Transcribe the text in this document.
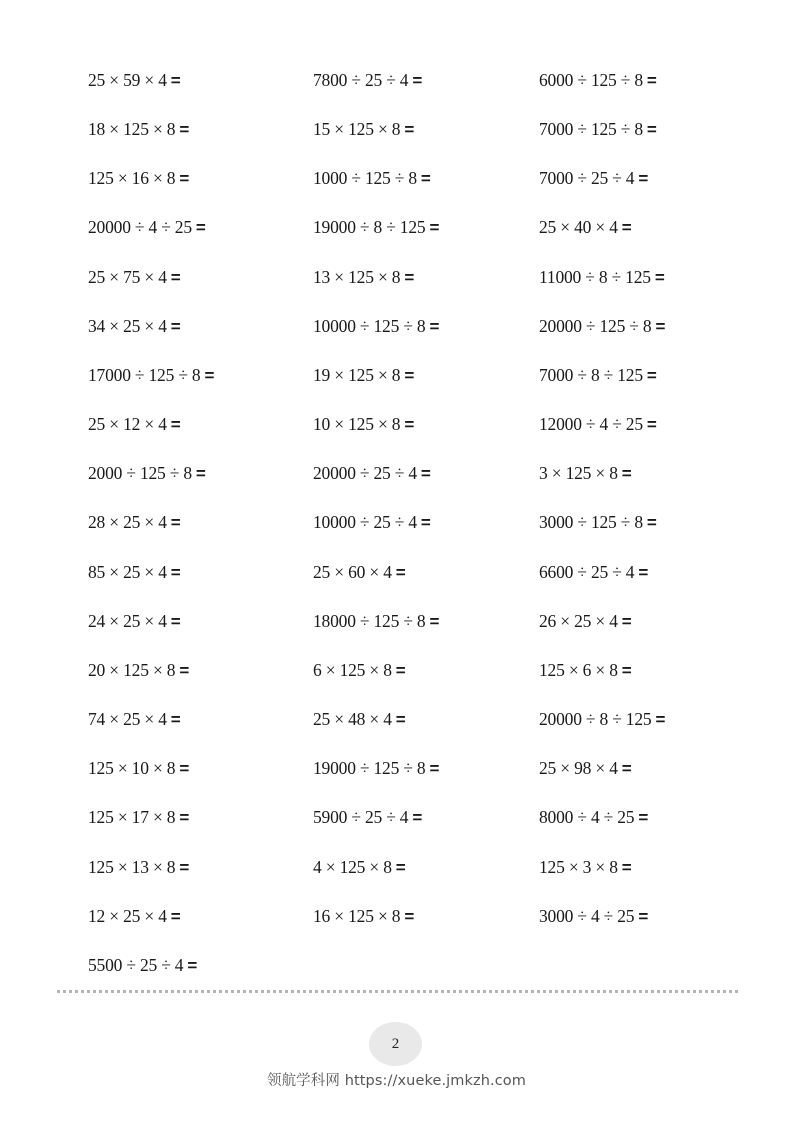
25 × 59 × 4 =
18 × 125 × 8 =
125 × 16 × 8 =
20000 ÷ 4 ÷ 25 =
25 × 75 × 4 =
34 × 25 × 4 =
17000 ÷ 125 ÷ 8 =
25 × 12 × 4 =
2000 ÷ 125 ÷ 8 =
28 × 25 × 4 =
85 × 25 × 4 =
24 × 25 × 4 =
20 × 125 × 8 =
74 × 25 × 4 =
125 × 10 × 8 =
125 × 17 × 8 =
125 × 13 × 8 =
12 × 25 × 4 =
5500 ÷ 25 ÷ 4 =
7800 ÷ 25 ÷ 4 =
15 × 125 × 8 =
1000 ÷ 125 ÷ 8 =
19000 ÷ 8 ÷ 125 =
13 × 125 × 8 =
10000 ÷ 125 ÷ 8 =
19 × 125 × 8 =
10 × 125 × 8 =
20000 ÷ 25 ÷ 4 =
10000 ÷ 25 ÷ 4 =
25 × 60 × 4 =
18000 ÷ 125 ÷ 8 =
6 × 125 × 8 =
25 × 48 × 4 =
19000 ÷ 125 ÷ 8 =
5900 ÷ 25 ÷ 4 =
4 × 125 × 8 =
16 × 125 × 8 =
6000 ÷ 125 ÷ 8 =
7000 ÷ 125 ÷ 8 =
7000 ÷ 25 ÷ 4 =
25 × 40 × 4 =
11000 ÷ 8 ÷ 125 =
20000 ÷ 125 ÷ 8 =
7000 ÷ 8 ÷ 125 =
12000 ÷ 4 ÷ 25 =
3 × 125 × 8 =
3000 ÷ 125 ÷ 8 =
6600 ÷ 25 ÷ 4 =
26 × 25 × 4 =
125 × 6 × 8 =
20000 ÷ 8 ÷ 125 =
25 × 98 × 4 =
8000 ÷ 4 ÷ 25 =
125 × 3 × 8 =
3000 ÷ 4 ÷ 25 =
2
领航学科网 https://xueke.jmkzh.com
